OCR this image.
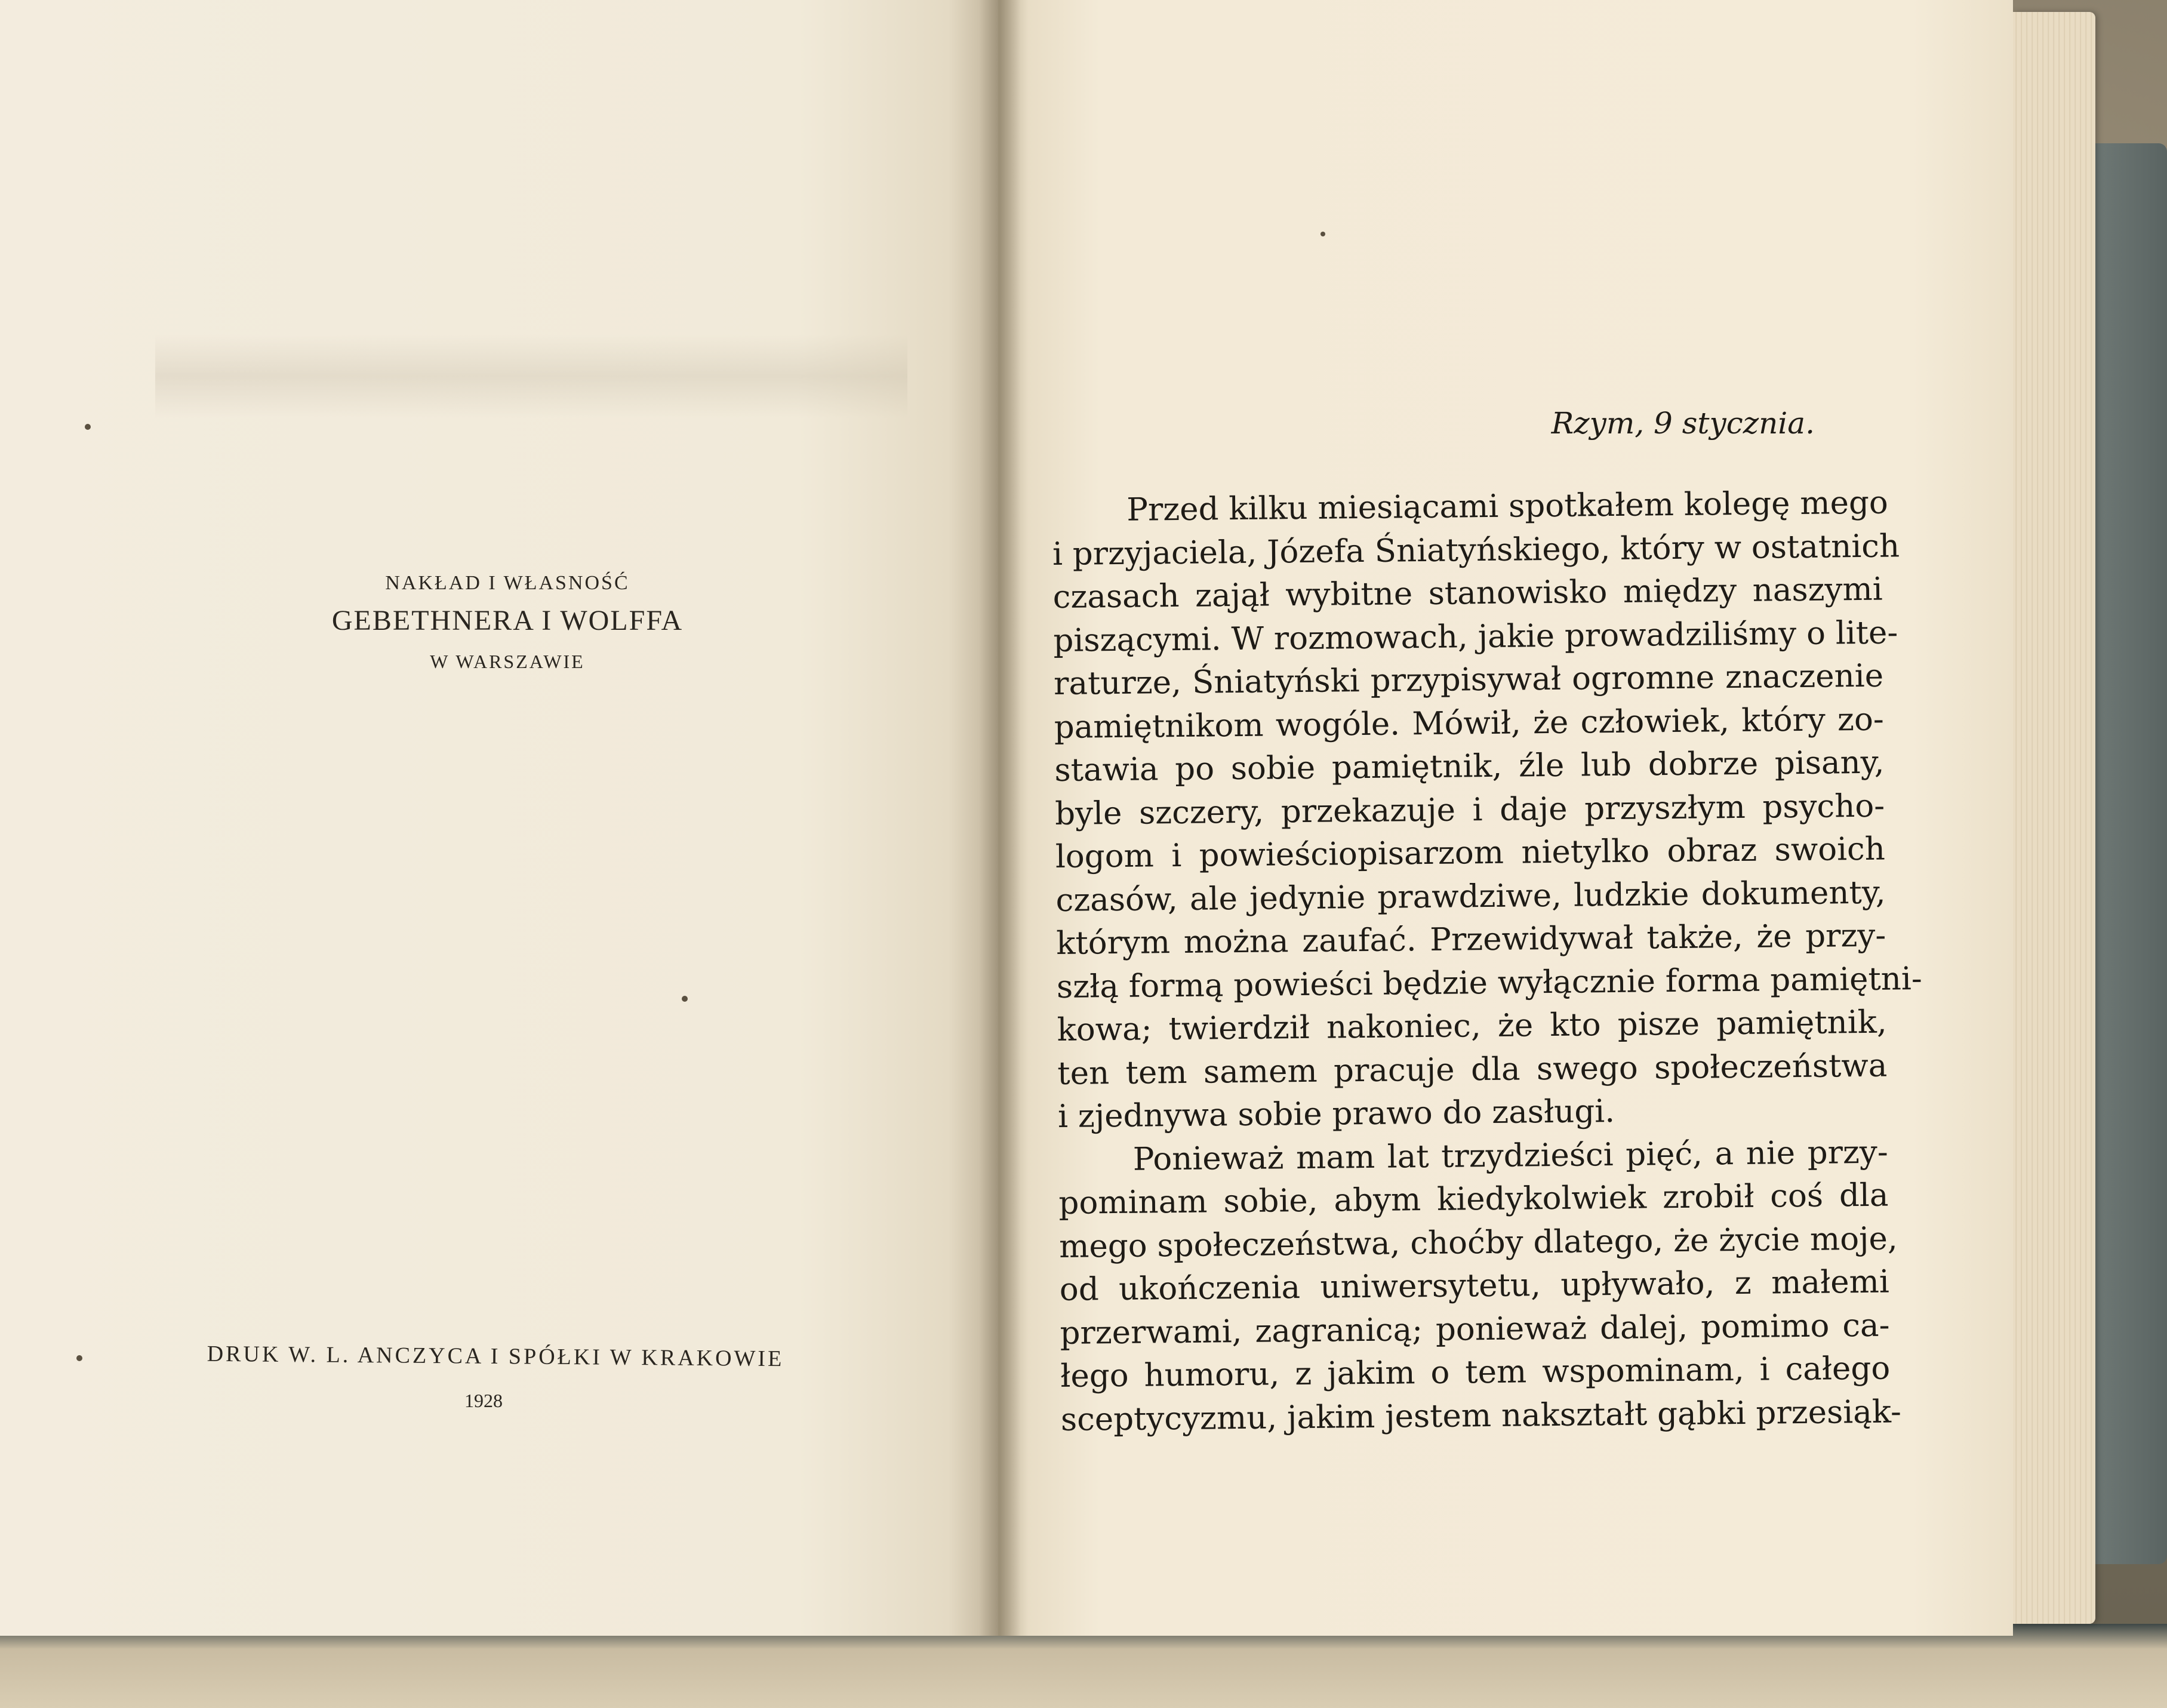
NAKŁAD I WŁASNOŚĆ
GEBETHNERA I WOLFFA
W WARSZAWIE
DRUK W. L. ANCZYCA I SPÓŁKI W KRAKOWIE
1928
Rzym, 9 stycznia.
Przed kilku miesiącami spotkałem kolegę mego
i przyjaciela, Józefa Śniatyńskiego, który w ostatnich
czasach zajął wybitne stanowisko między naszymi
piszącymi. W rozmowach, jakie prowadziliśmy o lite-
raturze, Śniatyński przypisywał ogromne znaczenie
pamiętnikom wogóle. Mówił, że człowiek, który zo-
stawia po sobie pamiętnik, źle lub dobrze pisany,
byle szczery, przekazuje i daje przyszłym psycho-
logom i powieściopisarzom nietylko obraz swoich
czasów, ale jedynie prawdziwe, ludzkie dokumenty,
którym można zaufać. Przewidywał także, że przy-
szłą formą powieści będzie wyłącznie forma pamiętni-
kowa; twierdził nakoniec, że kto pisze pamiętnik,
ten tem samem pracuje dla swego społeczeństwa
i zjednywa sobie prawo do zasługi.
Ponieważ mam lat trzydzieści pięć, a nie przy-
pominam sobie, abym kiedykolwiek zrobił coś dla
mego społeczeństwa, choćby dlatego, że życie moje,
od ukończenia uniwersytetu, upływało, z małemi
przerwami, zagranicą; ponieważ dalej, pomimo ca-
łego humoru, z jakim o tem wspominam, i całego
sceptycyzmu, jakim jestem nakształt gąbki przesiąk-
